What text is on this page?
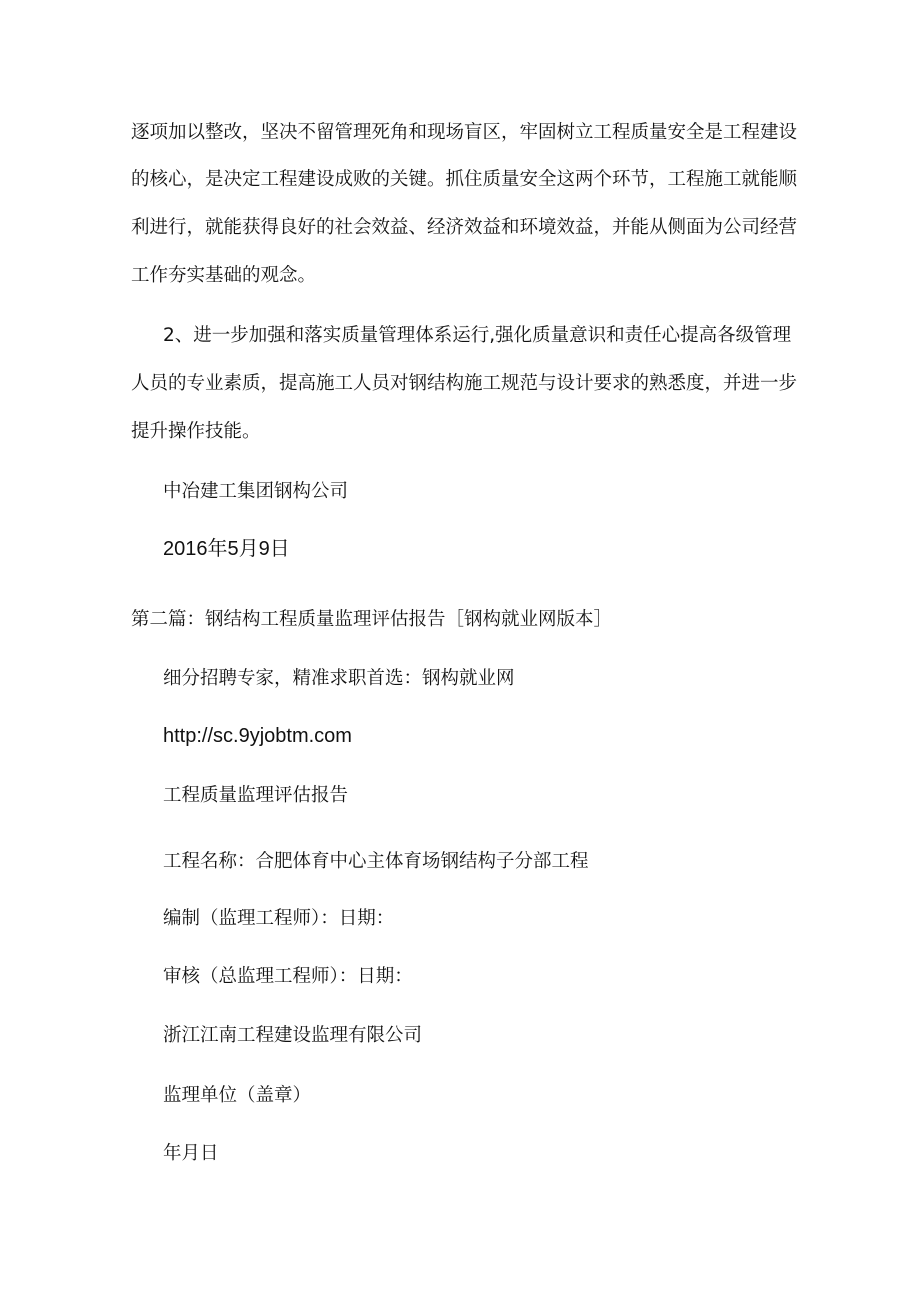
逐项加以整改，坚决不留管理死角和现场盲区，牢固树立工程质量安全是工程建设
的核心，是决定工程建设成败的关键。抓住质量安全这两个环节，工程施工就能顺
利进行，就能获得良好的社会效益、经济效益和环境效益，并能从侧面为公司经营
工作夯实基础的观念。
2、进一步加强和落实质量管理体系运行,强化质量意识和责任心提高各级管理
人员的专业素质，提高施工人员对钢结构施工规范与设计要求的熟悉度，并进一步
提升操作技能。
中冶建工集团钢构公司
2016年5月9日
第二篇：钢结构工程质量监理评估报告［钢构就业网版本］
细分招聘专家，精准求职首选：钢构就业网
http://sc.9yjobtm.com
工程质量监理评估报告
工程名称：合肥体育中心主体育场钢结构子分部工程
编制（监理工程师）：日期：
审核（总监理工程师）：日期：
浙江江南工程建设监理有限公司
监理单位（盖章）
年月日
